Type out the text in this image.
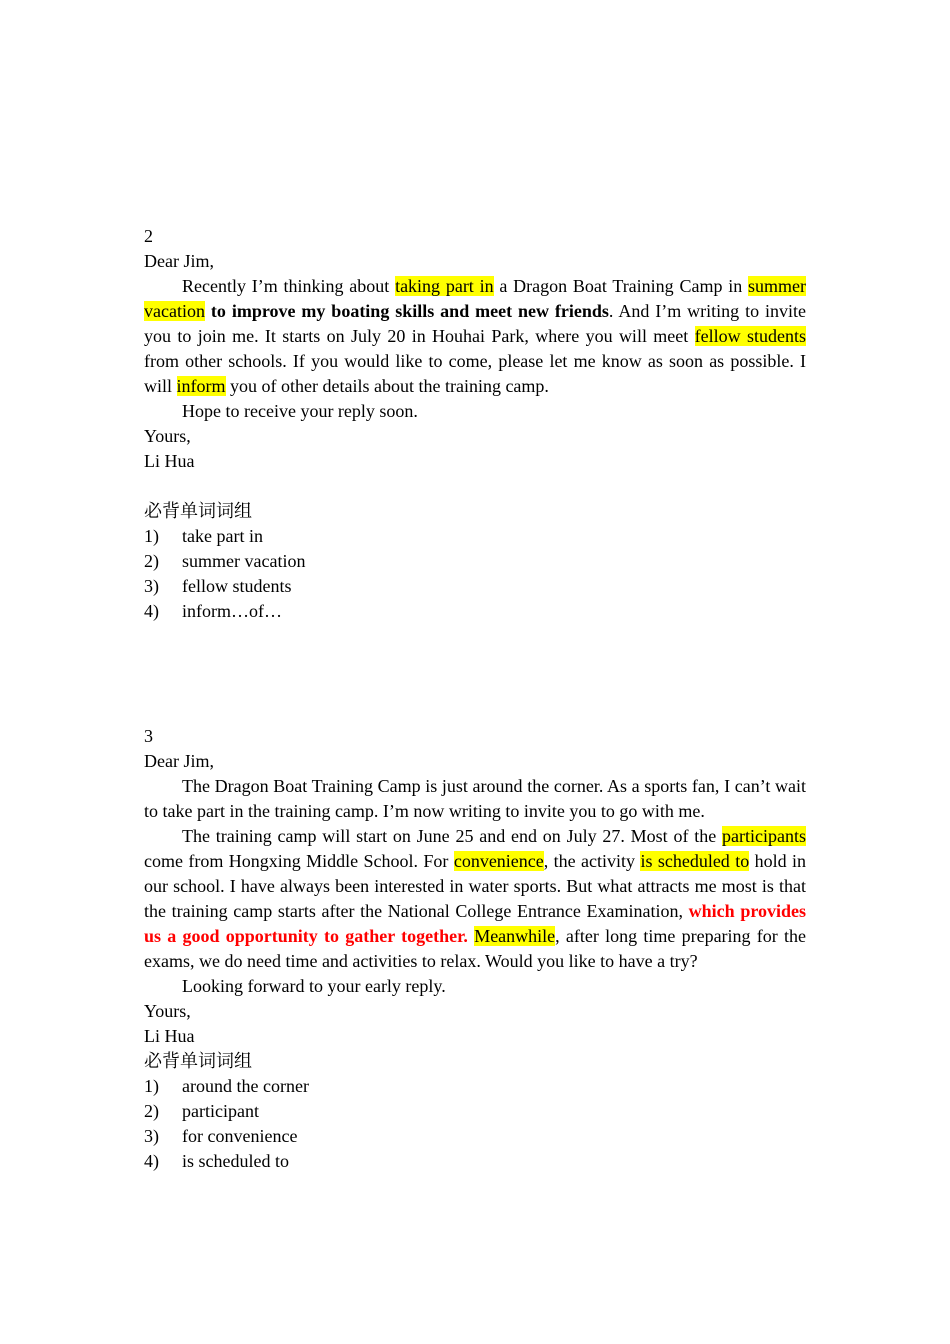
2

Dear Jim,

Recently I’m thinking about taking part in a Dragon Boat Training Camp in summer vacation to improve my boating skills and meet new friends. And I’m writing to invite you to join me. It starts on July 20 in Houhai Park, where you will meet fellow students from other schools. If you would like to come, please let me know as soon as possible. I will inform you of other details about the training camp.

Hope to receive your reply soon.

Yours,

Li Hua

必背单词词组

1)	take part in

2)	summer vacation

3)	fellow students

4)	inform…of…

3

Dear Jim,

The Dragon Boat Training Camp is just around the corner. As a sports fan, I can’t wait to take part in the training camp. I’m now writing to invite you to go with me.

The training camp will start on June 25 and end on July 27. Most of the participants come from Hongxing Middle School. For convenience, the activity is scheduled to hold in our school. I have always been interested in water sports. But what attracts me most is that the training camp starts after the National College Entrance Examination, which provides us a good opportunity to gather together. Meanwhile, after long time preparing for the exams, we do need time and activities to relax. Would you like to have a try?

Looking forward to your early reply.

Yours,

Li Hua

必背单词词组

1)	around the corner

2)	participant

3)	for convenience

4)	is scheduled to
